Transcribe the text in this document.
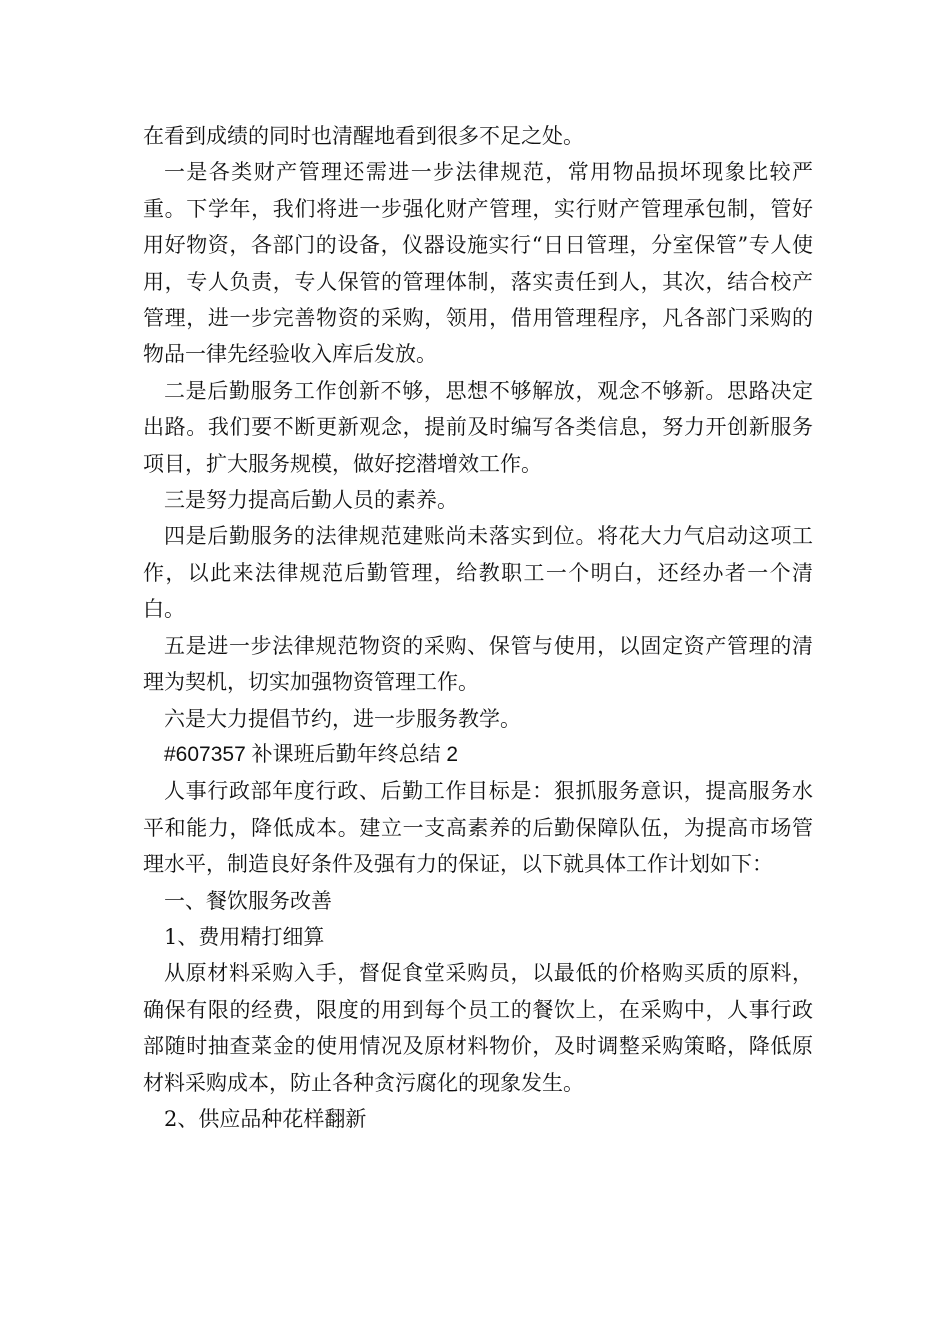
在看到成绩的同时也清醒地看到很多不足之处。

一是各类财产管理还需进一步法律规范，常用物品损坏现象比较严重。下学年，我们将进一步强化财产管理，实行财产管理承包制，管好用好物资，各部门的设备，仪器设施实行“日日管理，分室保管”专人使用，专人负责，专人保管的管理体制，落实责任到人，其次，结合校产管理，进一步完善物资的采购，领用，借用管理程序，凡各部门采购的物品一律先经验收入库后发放。

二是后勤服务工作创新不够，思想不够解放，观念不够新。思路决定出路。我们要不断更新观念，提前及时编写各类信息，努力开创新服务项目，扩大服务规模，做好挖潜增效工作。

三是努力提高后勤人员的素养。

四是后勤服务的法律规范建账尚未落实到位。将花大力气启动这项工作，以此来法律规范后勤管理，给教职工一个明白，还经办者一个清白。

五是进一步法律规范物资的采购、保管与使用，以固定资产管理的清理为契机，切实加强物资管理工作。

六是大力提倡节约，进一步服务教学。

#607357 补课班后勤年终总结 2

人事行政部年度行政、后勤工作目标是：狠抓服务意识，提高服务水平和能力，降低成本。建立一支高素养的后勤保障队伍，为提高市场管理水平，制造良好条件及强有力的保证，以下就具体工作计划如下：

一、餐饮服务改善

1、费用精打细算

从原材料采购入手，督促食堂采购员，以最低的价格购买质的原料，确保有限的经费，限度的用到每个员工的餐饮上，在采购中，人事行政部随时抽查菜金的使用情况及原材料物价，及时调整采购策略，降低原材料采购成本，防止各种贪污腐化的现象发生。

2、供应品种花样翻新
